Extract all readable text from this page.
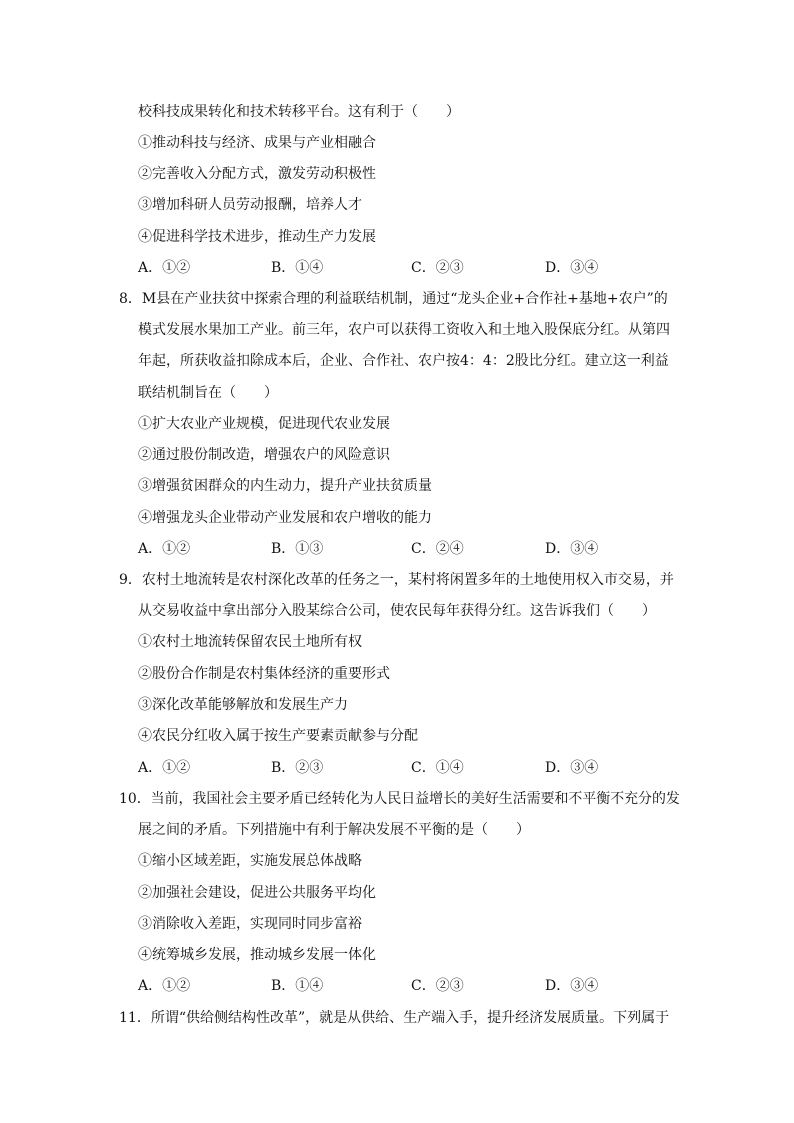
校科技成果转化和技术转移平台。这有利于（　　）
①推动科技与经济、成果与产业相融合
②完善收入分配方式，激发劳动积极性
③增加科研人员劳动报酬，培养人才
④促进科学技术进步，推动生产力发展
A．①②	B．①④	C．②③	D．③④
8．M县在产业扶贫中探索合理的利益联结机制，通过“龙头企业+合作社+基地+农户”的
模式发展水果加工产业。前三年，农户可以获得工资收入和土地入股保底分红。从第四
年起，所获收益扣除成本后，企业、合作社、农户按4：4：2股比分红。建立这一利益
联结机制旨在（　　）
①扩大农业产业规模，促进现代农业发展
②通过股份制改造，增强农户的风险意识
③增强贫困群众的内生动力，提升产业扶贫质量
④增强龙头企业带动产业发展和农户增收的能力
A．①②	B．①③	C．②④	D．③④
9．农村土地流转是农村深化改革的任务之一，某村将闲置多年的土地使用权入市交易，并
从交易收益中拿出部分入股某综合公司，使农民每年获得分红。这告诉我们（　　）
①农村土地流转保留农民土地所有权
②股份合作制是农村集体经济的重要形式
③深化改革能够解放和发展生产力
④农民分红收入属于按生产要素贡献参与分配
A．①②	B．②③	C．①④	D．③④
10．当前，我国社会主要矛盾已经转化为人民日益增长的美好生活需要和不平衡不充分的发
展之间的矛盾。下列措施中有利于解决发展不平衡的是（　　）
①缩小区域差距，实施发展总体战略
②加强社会建设，促进公共服务平均化
③消除收入差距，实现同时同步富裕
④统筹城乡发展，推动城乡发展一体化
A．①②	B．①④	C．②③	D．③④
11．所谓“供给侧结构性改革”，就是从供给、生产端入手，提升经济发展质量。下列属于
